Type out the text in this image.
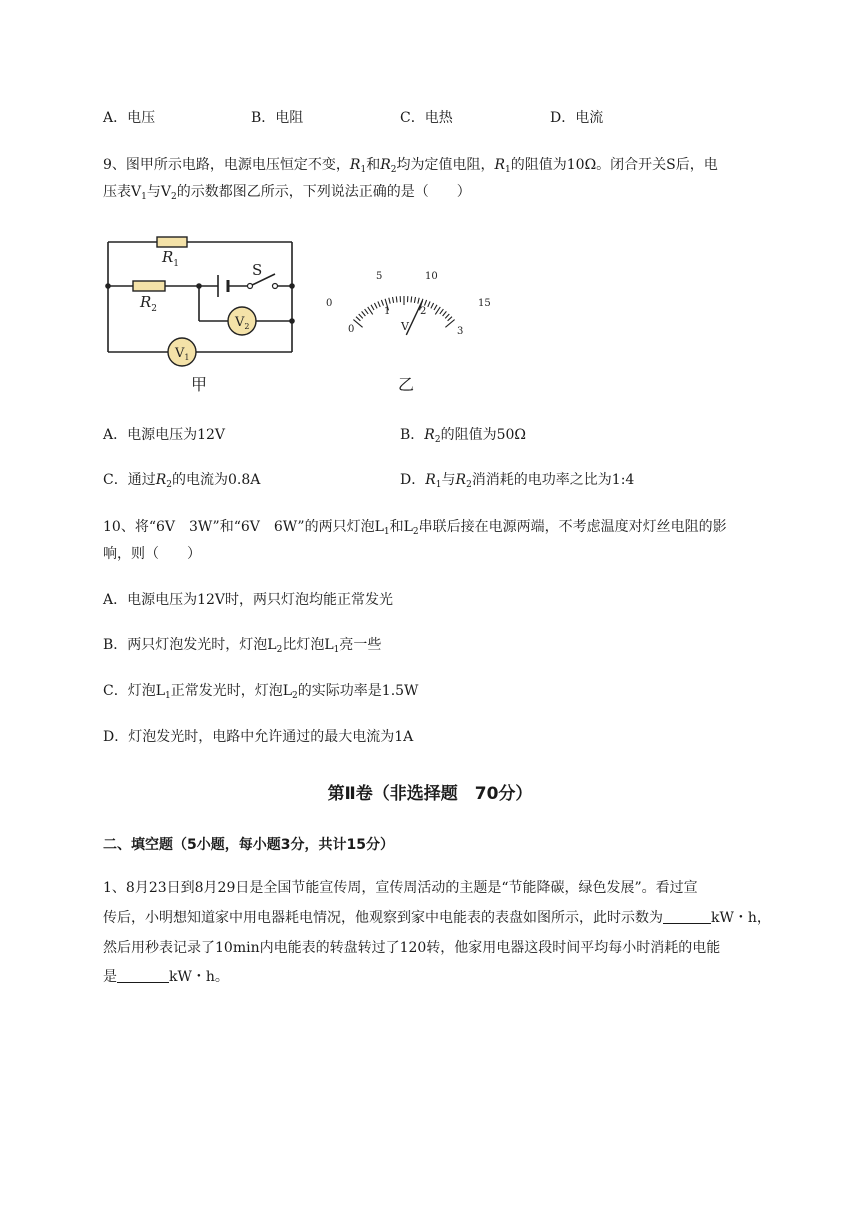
A．电压	B．电阻	C．电热	D．电流
9、图甲所示电路，电源电压恒定不变，$R_1$和$R_2$均为定值电阻，$R_1$的阻值为10Ω。闭合开关S后，电
压表$V_1$与$V_2$的示数都图乙所示，下列说法正确的是（　　）
$R_1$
$R_2$
S
$V_2$
$V_1$
甲
0
5	10
15
0
1	2
3
V
乙
A．电源电压为12V	B．$R_2$的阻值为50Ω
C．通过$R_2$的电流为0.8A	D．$R_1$与$R_2$消消耗的电功率之比为1:4
10、将“6V　3W”和“6V　6W”的两只灯泡$L_1$和$L_2$串联后接在电源两端，不考虑温度对灯丝电阻的影
响，则（　　）
A．电源电压为12V时，两只灯泡均能正常发光
B．两只灯泡发光时，灯泡$L_2$比灯泡$L_1$亮一些
C．灯泡$L_1$正常发光时，灯泡$L_2$的实际功率是1.5W
D．灯泡发光时，电路中允许通过的最大电流为1A
第Ⅱ卷（非选择题　70分）
二、填空题（5小题，每小题3分，共计15分）
1、8月23日到8月29日是全国节能宣传周，宣传周活动的主题是“节能降碳，绿色发展”。看过宣
传后，小明想知道家中用电器耗电情况，他观察到家中电能表的表盘如图所示，此时示数为	kW・h，
然后用秒表记录了10min内电能表的转盘转过了120转，他家用电器这段时间平均每小时消耗的电能
是	kW・h。
